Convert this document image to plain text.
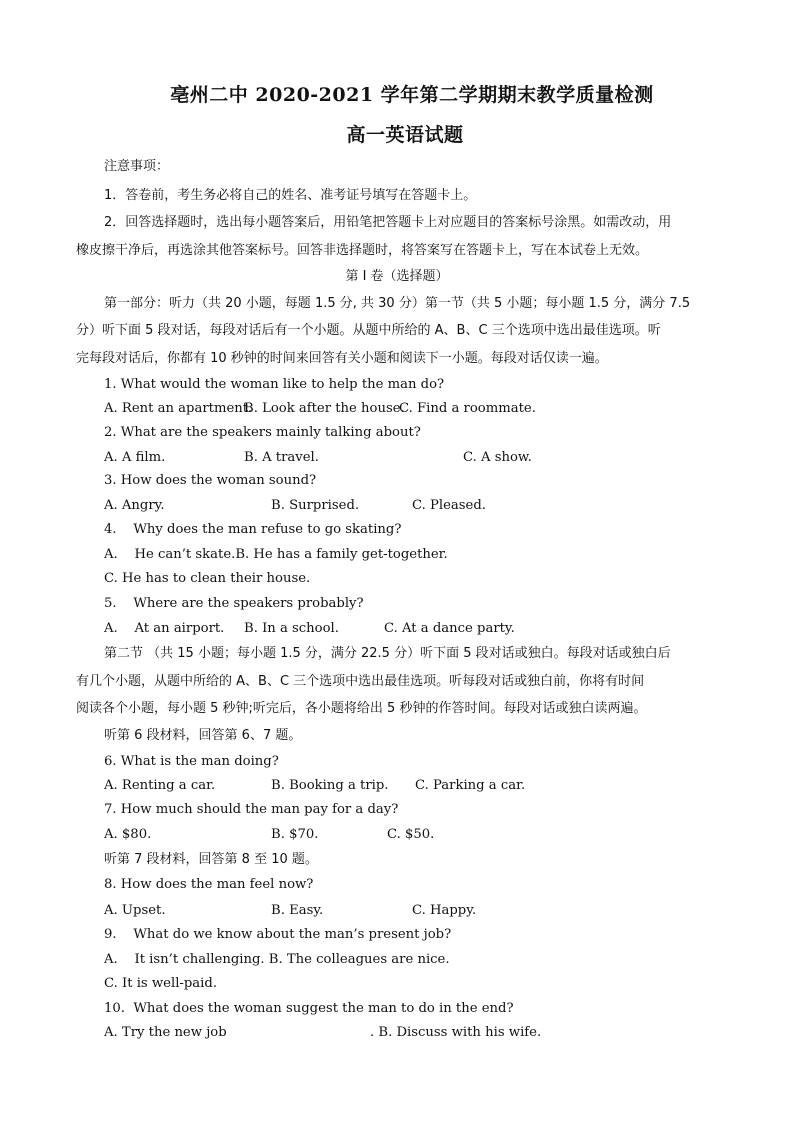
亳州二中 2020-2021 学年第二学期期末教学质量检测
高一英语试题
注意事项：
1．答卷前，考生务必将自己的姓名、准考证号填写在答题卡上。
2．回答选择题时，选出每小题答案后，用铅笔把答题卡上对应题目的答案标号涂黑。如需改动，用
橡皮擦干净后，再选涂其他答案标号。回答非选择题时，将答案写在答题卡上，写在本试卷上无效。
第 I 卷（选择题）
第一部分：听力（共 20 小题，每题 1.5 分, 共 30 分）第一节（共 5 小题；每小题 1.5 分，满分 7.5
分）听下面 5 段对话，每段对话后有一个小题。从题中所给的 A、B、C 三个选项中选出最佳选项。听
完每段对话后，你都有 10 秒钟的时间来回答有关小题和阅读下一小题。每段对话仅读一遍。
1. What would the woman like to help the man do?
A. Rent an apartment.
B. Look after the house.
C. Find a roommate.
2. What are the speakers mainly talking about?
A. A film.	B. A travel.	C. A show.
3. How does the woman sound?
A. Angry.	B. Surprised.	C. Pleased.
4.    Why does the man refuse to go skating?
A.    He can’t skate.B. He has a family get-together.
C. He has to clean their house.
5.    Where are the speakers probably?
A.    At an airport. B. In a school.	C. At a dance party.
第二节 （共 15 小题；每小题 1.5 分，满分 22.5 分）听下面 5 段对话或独白。每段对话或独白后
有几个小题，从题中所给的 A、B、C 三个选项中选出最佳选项。听每段对话或独白前，你将有时间
阅读各个小题，每小题 5 秒钟;听完后，各小题将给出 5 秒钟的作答时间。每段对话或独白读两遍。
听第 6 段材料，回答第 6、7 题。
6. What is the man doing?
A. Renting a car.	B. Booking a trip. C. Parking a car.
7. How much should the man pay for a day?
A. $80.	B. $70.	C. $50.
听第 7 段材料，回答第 8 至 10 题。
8. How does the man feel now?
A. Upset.	B. Easy.	C. Happy.
9.    What do we know about the man’s present job?
A.    It isn’t challenging. B. The colleagues are nice.
C. It is well-paid.
10.  What does the woman suggest the man to do in the end?
A. Try the new job	. B. Discuss with his wife.
